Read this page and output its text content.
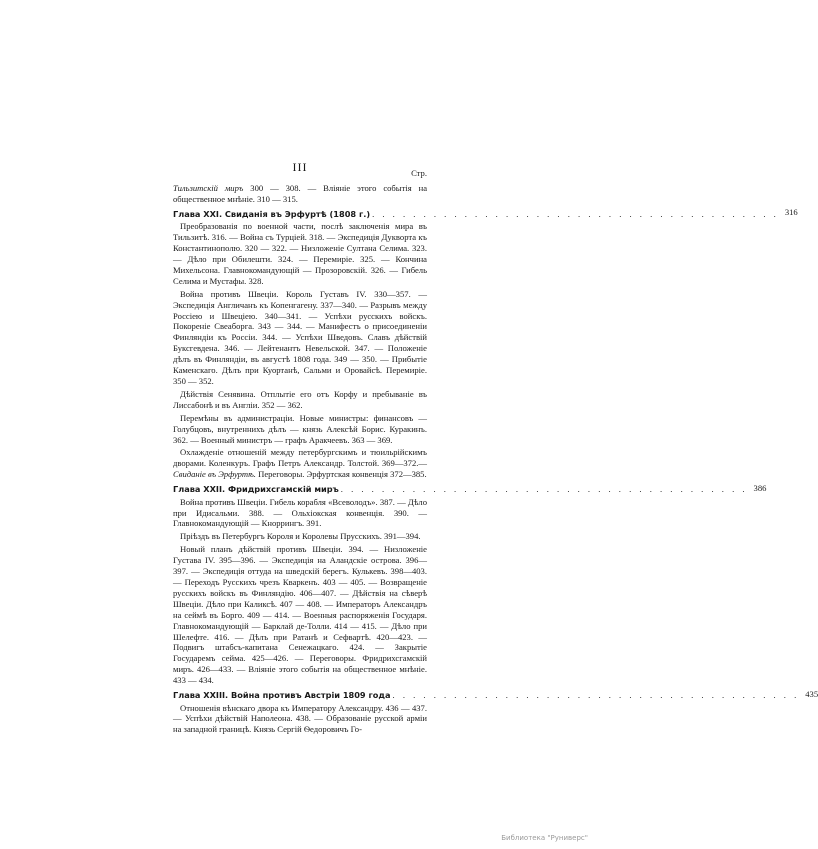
III	Стр.

Тильзитскій миръ 300 — 308. — Вліяніе этого событія на общественное мнѣніе. 310 — 315.

Глава XXI. Свиданія въ Эрфуртѣ (1808 г.) . . . . . . . . . . . . . . . . . . . . . . . . . . . . . . . . . . . . . . . . 316

Преобразованія по военной части, послѣ заключенія мира въ Тильзитѣ. 316. — Война съ Турціей. 318. — Экспедиція Дукворта къ Константинополю. 320 — 322. — Низложеніе Султана Селима. 323. — Дѣло при Обилешти. 324. — Перемиріе. 325. — Кончина Михельсона. Главнокомандующій — Прозоровскій. 326. — Гибель Селима и Мустафы. 328.

Война противъ Швеціи. Король Густавъ IV. 330—357. — Экспедиція Англичанъ къ Копенгагену. 337—340. — Разрывъ между Россіею и Швеціею. 340—341. — Успѣхи русскихъ войскъ. Покореніе Свеаборга. 343 — 344. — Манифестъ о присоединеніи Финляндіи къ Россіи. 344. — Успѣхи Шведовъ. Славъ дѣйствій Буксгевдена. 346. — Лейтенантъ Невельской. 347. — Положеніе дѣлъ въ Финляндіи, въ августѣ 1808 года. 349 — 350. — Прибытіе Каменскаго. Дѣлъ при Куортанѣ, Сальми и Оровайсѣ. Перемиріе. 350 — 352.

Дѣйствія Сенявина. Отплытіе его отъ Корфу и пребываніе въ Лиссабонѣ и въ Англіи. 352 — 362.

Перемѣны въ администраціи. Новые министры: финансовъ — Голубцовъ, внутреннихъ дѣлъ — князь Алексѣй Борис. Куракинъ. 362. — Военный министръ — графъ Аракчеевъ. 363 — 369.

Охлажденіе отношеній между петербургскимъ и тюильрійскимъ дворами. Коленкуръ. Графъ Петръ Александр. Толстой. 369—372.— Свиданіе въ Эрфуртѣ. Переговоры. Эрфуртская конвенція 372—385.

Глава XXII. Фридрихсгамскій миръ . . . . . . . . . . . . . . . . . . . . . . . . . . . . . . . . . . . . . . . . 386

Война противъ Швеціи. Гибель корабля «Всеволодъ». 387. — Дѣло при Идисальми. 388. — Ольхіокская конвенція. 390. — Главнокомандующій — Кноррингъ. 391.

Пріѣздъ въ Петербургъ Короля и Королевы Прусскихъ. 391—394.

Новый планъ дѣйствій противъ Швеціи. 394. — Низложеніе Густава IV. 395—396. — Экспедиція на Аландскіе острова. 396—397. — Экспедиція оттуда на шведскій берегъ. Кулькевъ. 398—403. — Переходъ Русскихъ чрезъ Кваркенъ. 403 — 405. — Возвращеніе русскихъ войскъ въ Финляндію. 406—407. — Дѣйствія на сѣверѣ Швеціи. Дѣло при Каликсѣ. 407 — 408. — Императоръ Александръ на сеймѣ въ Борго. 409 — 414. — Военныя распоряженія Государя. Главнокомандующій — Барклай де-Толли. 414 — 415. — Дѣло при Шелефте. 416. — Дѣлъ при Ратанѣ и Сефвартѣ. 420—423. — Подвигъ штабсъ-капитана Сенежацкаго. 424. — Закрытіе Государемъ сейма. 425—426. — Переговоры. Фридрихсгамскій миръ. 426—433. — Вліяніе этого событія на общественное мнѣніе. 433 — 434.

Глава XXIII. Война противъ Австріи 1809 года . . . . . . . . . . . . . . . . . . . . . . . . . . . . . . . . . . . . . . . . 435

Отношенія вѣнскаго двора къ Императору Александру. 436 — 437. — Успѣхи дѣйствій Наполеона. 438. — Образованіе русской арміи на западной границѣ. Князь Сергій Ѳедоровичъ Го-

Библиотека "Руниверс"
